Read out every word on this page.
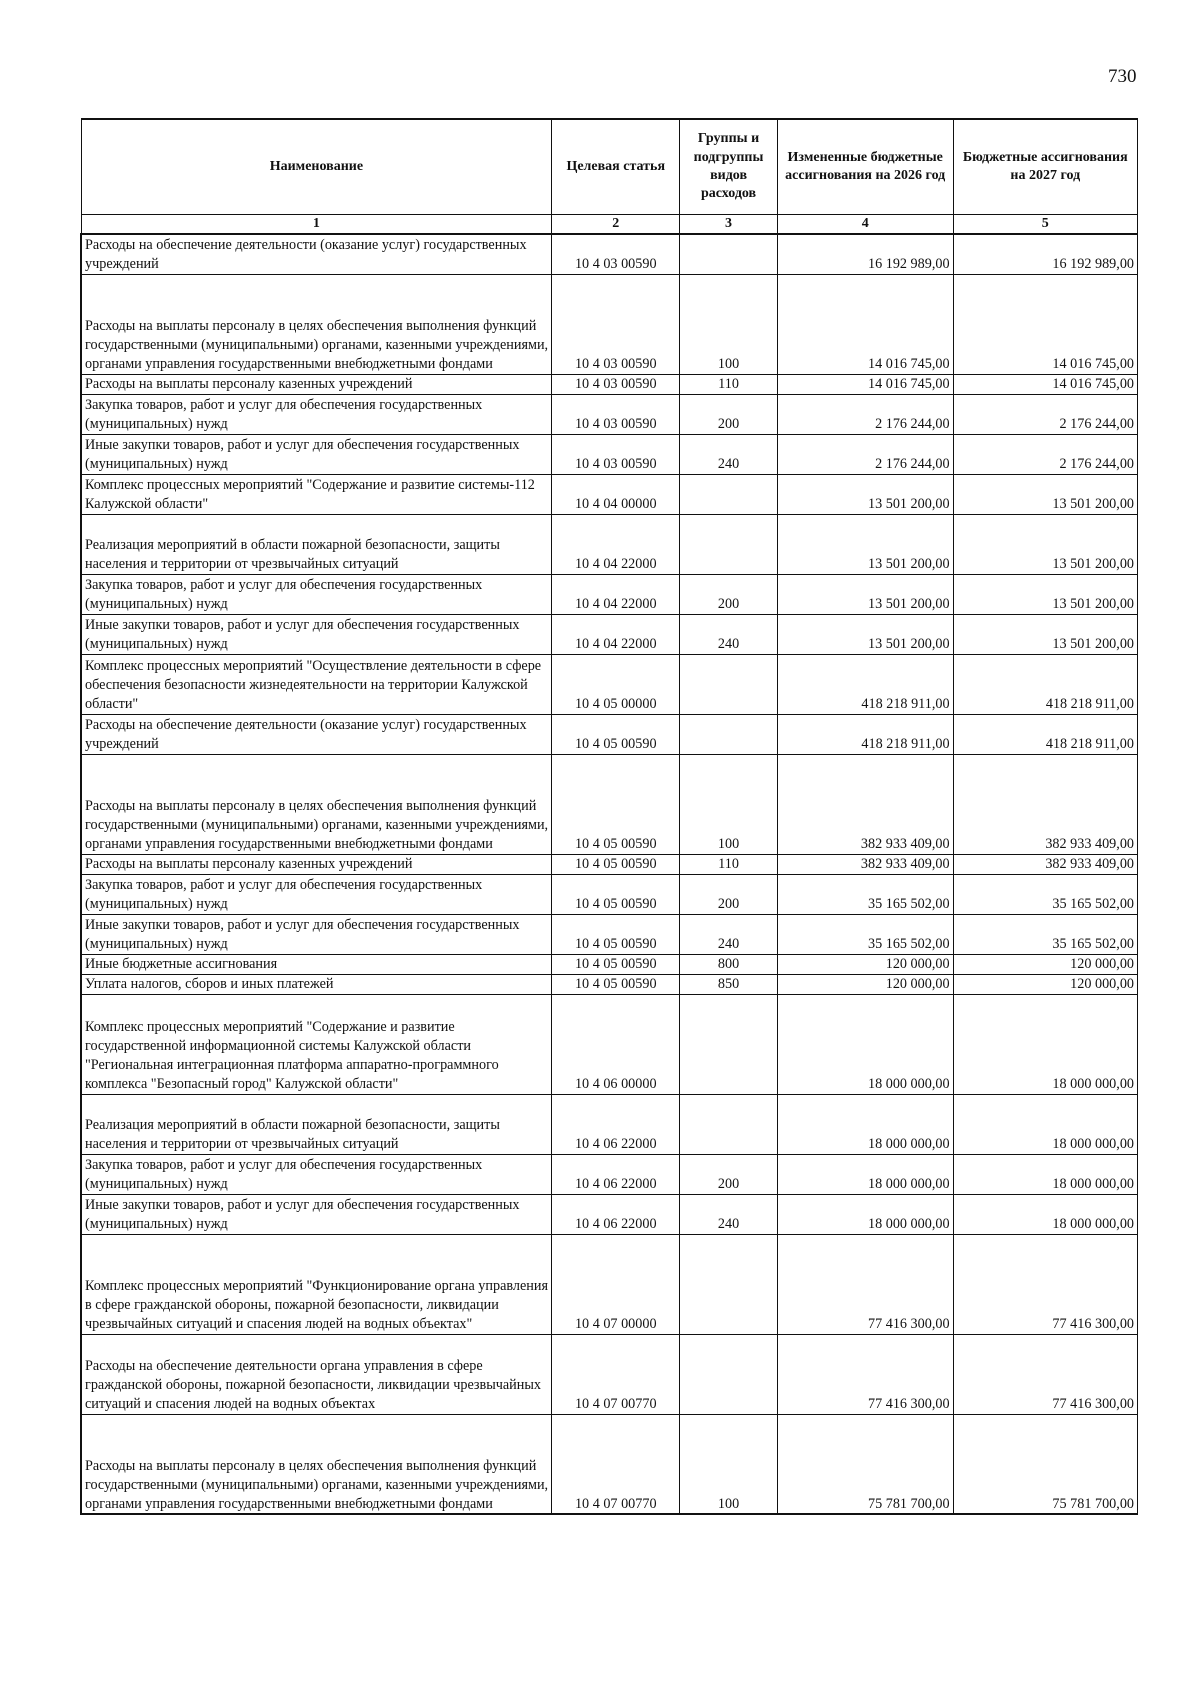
730
Наименование	Целевая статья	Группы и подгруппы видов расходов	Измененные бюджетные ассигнования на 2026 год	Бюджетные ассигнования на 2027 год
1	2	3	4	5
Расходы на обеспечение деятельности (оказание услуг) государственных учреждений	10 4 03 00590		16 192 989,00	16 192 989,00
Расходы на выплаты персоналу в целях обеспечения выполнения функций государственными (муниципальными) органами, казенными учреждениями, органами управления государственными внебюджетными фондами	10 4 03 00590	100	14 016 745,00	14 016 745,00
Расходы на выплаты персоналу казенных учреждений	10 4 03 00590	110	14 016 745,00	14 016 745,00
Закупка товаров, работ и услуг для обеспечения государственных (муниципальных) нужд	10 4 03 00590	200	2 176 244,00	2 176 244,00
Иные закупки товаров, работ и услуг для обеспечения государственных (муниципальных) нужд	10 4 03 00590	240	2 176 244,00	2 176 244,00
Комплекс процессных мероприятий "Содержание и развитие системы-112 Калужской области"	10 4 04 00000		13 501 200,00	13 501 200,00
Реализация мероприятий в области пожарной безопасности, защиты населения и территории от чрезвычайных ситуаций	10 4 04 22000		13 501 200,00	13 501 200,00
Закупка товаров, работ и услуг для обеспечения государственных (муниципальных) нужд	10 4 04 22000	200	13 501 200,00	13 501 200,00
Иные закупки товаров, работ и услуг для обеспечения государственных (муниципальных) нужд	10 4 04 22000	240	13 501 200,00	13 501 200,00
Комплекс процессных мероприятий "Осуществление деятельности в сфере обеспечения безопасности жизнедеятельности на территории Калужской области"	10 4 05 00000		418 218 911,00	418 218 911,00
Расходы на обеспечение деятельности (оказание услуг) государственных учреждений	10 4 05 00590		418 218 911,00	418 218 911,00
Расходы на выплаты персоналу в целях обеспечения выполнения функций государственными (муниципальными) органами, казенными учреждениями, органами управления государственными внебюджетными фондами	10 4 05 00590	100	382 933 409,00	382 933 409,00
Расходы на выплаты персоналу казенных учреждений	10 4 05 00590	110	382 933 409,00	382 933 409,00
Закупка товаров, работ и услуг для обеспечения государственных (муниципальных) нужд	10 4 05 00590	200	35 165 502,00	35 165 502,00
Иные закупки товаров, работ и услуг для обеспечения государственных (муниципальных) нужд	10 4 05 00590	240	35 165 502,00	35 165 502,00
Иные бюджетные ассигнования	10 4 05 00590	800	120 000,00	120 000,00
Уплата налогов, сборов и иных платежей	10 4 05 00590	850	120 000,00	120 000,00
Комплекс процессных мероприятий "Содержание и развитие государственной информационной системы Калужской области "Региональная интеграционная платформа аппаратно-программного комплекса "Безопасный город" Калужской области"	10 4 06 00000		18 000 000,00	18 000 000,00
Реализация мероприятий в области пожарной безопасности, защиты населения и территории от чрезвычайных ситуаций	10 4 06 22000		18 000 000,00	18 000 000,00
Закупка товаров, работ и услуг для обеспечения государственных (муниципальных) нужд	10 4 06 22000	200	18 000 000,00	18 000 000,00
Иные закупки товаров, работ и услуг для обеспечения государственных (муниципальных) нужд	10 4 06 22000	240	18 000 000,00	18 000 000,00
Комплекс процессных мероприятий "Функционирование органа управления в сфере гражданской обороны, пожарной безопасности, ликвидации чрезвычайных ситуаций и спасения людей на водных объектах"	10 4 07 00000		77 416 300,00	77 416 300,00
Расходы на обеспечение деятельности органа управления в сфере гражданской обороны, пожарной безопасности, ликвидации чрезвычайных ситуаций и спасения людей на водных объектах	10 4 07 00770		77 416 300,00	77 416 300,00
Расходы на выплаты персоналу в целях обеспечения выполнения функций государственными (муниципальными) органами, казенными учреждениями, органами управления государственными внебюджетными фондами	10 4 07 00770	100	75 781 700,00	75 781 700,00
